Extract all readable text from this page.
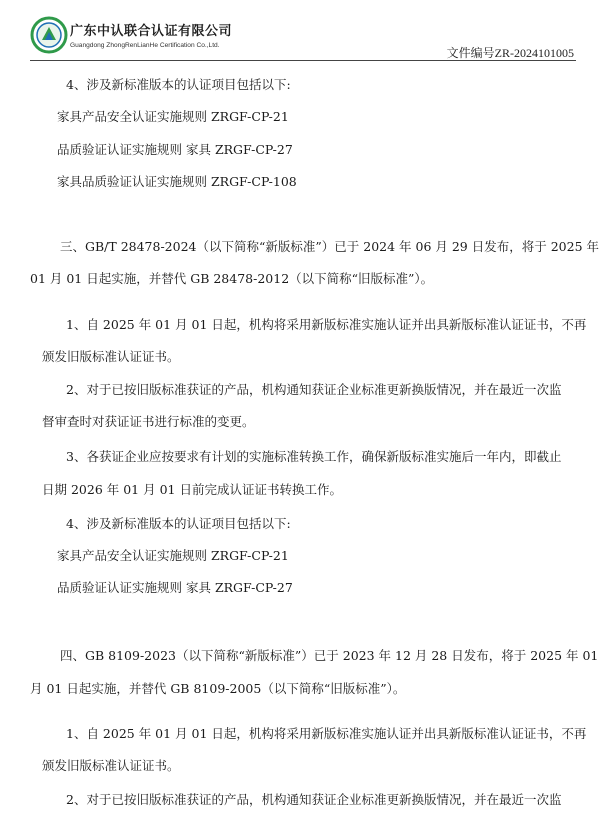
广东中认联合认证有限公司
Guangdong ZhongRenLianHe Certification Co.,Ltd.
文件编号ZR-2024101005
4、涉及新标准版本的认证项目包括以下:
家具产品安全认证实施规则 ZRGF-CP-21
品质验证认证实施规则 家具 ZRGF-CP-27
家具品质验证认证实施规则 ZRGF-CP-108
三、GB/T 28478-2024（以下简称“新版标准”）已于 2024 年 06 月 29 日发布，将于 2025 年
01 月 01 日起实施，并替代 GB 28478-2012（以下简称“旧版标准”）。
1、自 2025 年 01 月 01 日起，机构将采用新版标准实施认证并出具新版标准认证证书，不再
颁发旧版标准认证证书。
2、对于已按旧版标准获证的产品，机构通知获证企业标准更新换版情况，并在最近一次监
督审查时对获证证书进行标准的变更。
3、各获证企业应按要求有计划的实施标准转换工作，确保新版标准实施后一年内，即截止
日期 2026 年 01 月 01 日前完成认证证书转换工作。
4、涉及新标准版本的认证项目包括以下:
家具产品安全认证实施规则 ZRGF-CP-21
品质验证认证实施规则 家具 ZRGF-CP-27
四、GB 8109-2023（以下简称“新版标准”）已于 2023 年 12 月 28 日发布，将于 2025 年 01
月 01 日起实施，并替代 GB 8109-2005（以下简称“旧版标准”）。
1、自 2025 年 01 月 01 日起，机构将采用新版标准实施认证并出具新版标准认证证书，不再
颁发旧版标准认证证书。
2、对于已按旧版标准获证的产品，机构通知获证企业标准更新换版情况，并在最近一次监
